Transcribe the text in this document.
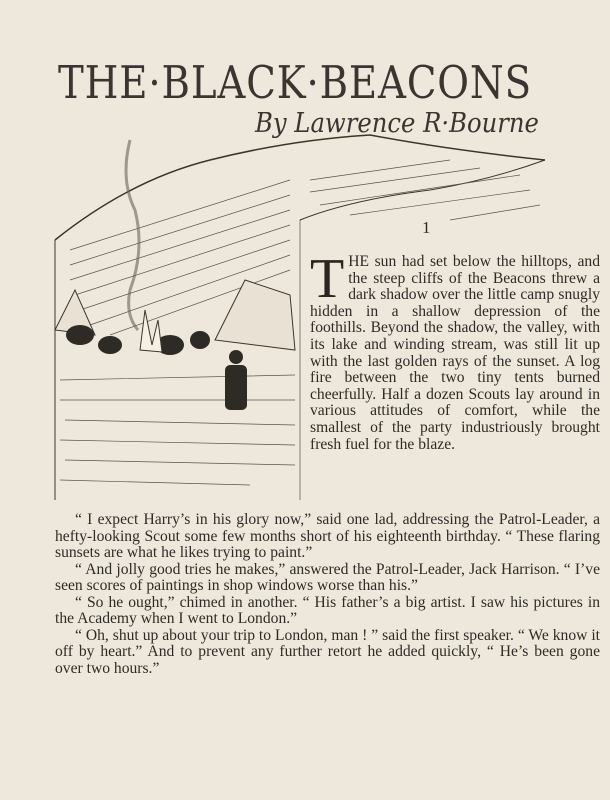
THE·BLACK·BEACONS
By Lawrence R·Bourne
1
THE sun had set below the hilltops, and the steep cliffs of the Beacons threw a dark shadow over the little camp snugly hidden in a shallow depression of the foothills. Beyond the shadow, the valley, with its lake and winding stream, was still lit up with the last golden rays of the sunset. A log fire between the two tiny tents burned cheerfully. Half a dozen Scouts lay around in various attitudes of comfort, while the smallest of the party industriously brought fresh fuel for the blaze.

“ I expect Harry’s in his glory now,” said one lad, addressing the Patrol-Leader, a hefty-looking Scout some few months short of his eighteenth birthday. “ These flaring sunsets are what he likes trying to paint.”

“ And jolly good tries he makes,” answered the Patrol-Leader, Jack Harrison. “ I’ve seen scores of paintings in shop windows worse than his.”

“ So he ought,” chimed in another. “ His father’s a big artist. I saw his pictures in the Academy when I went to London.”

“ Oh, shut up about your trip to London, man ! ” said the first speaker. “ We know it off by heart.” And to prevent any further retort he added quickly, “ He’s been gone over two hours.”
